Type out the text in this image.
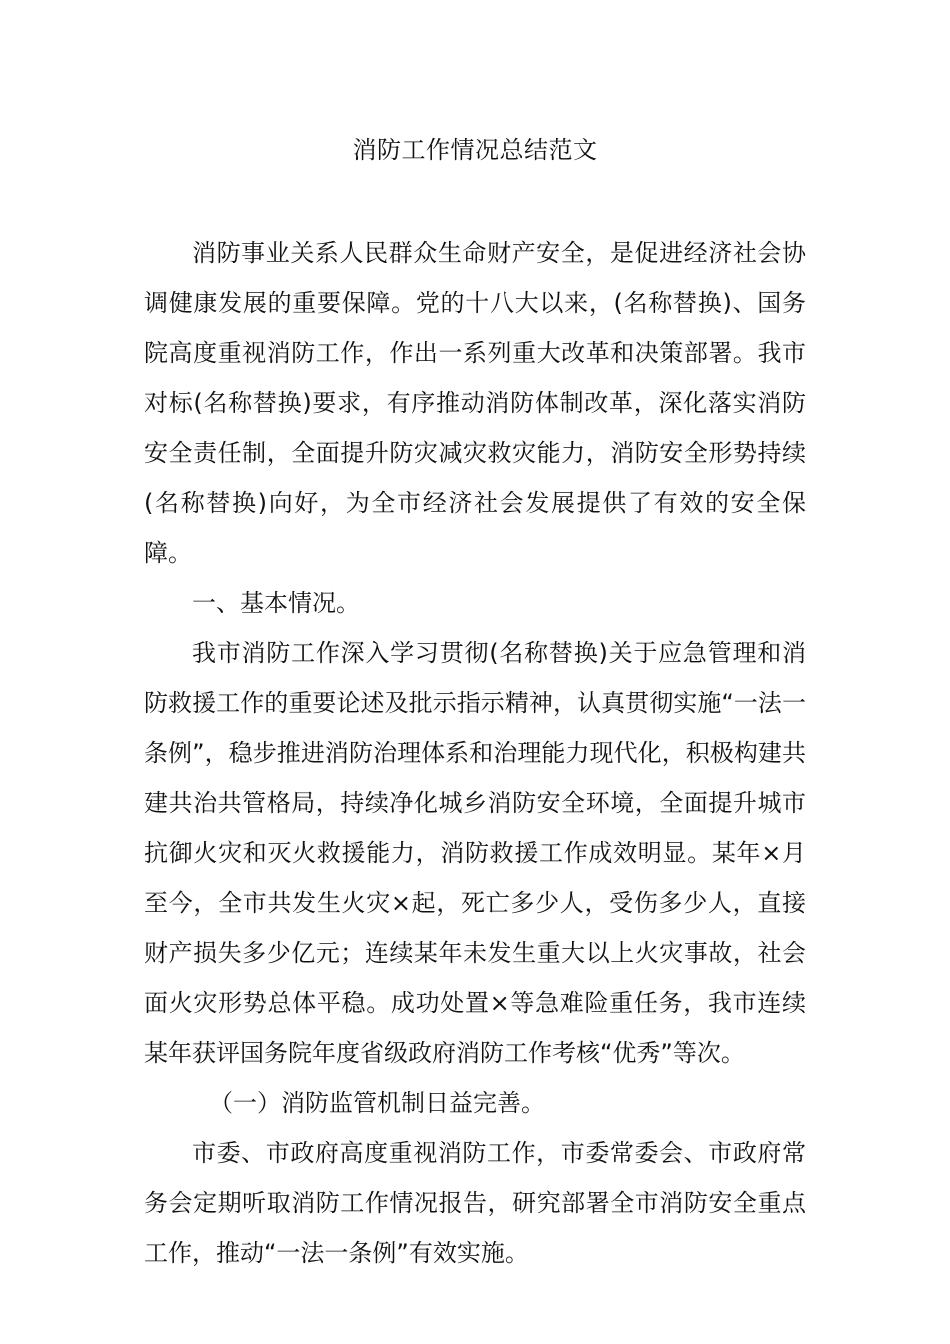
消防工作情况总结范文

消防事业关系人民群众生命财产安全，是促进经济社会协调健康发展的重要保障。党的十八大以来，(名称替换)、国务院高度重视消防工作，作出一系列重大改革和决策部署。我市对标(名称替换)要求，有序推动消防体制改革，深化落实消防安全责任制，全面提升防灾减灾救灾能力，消防安全形势持续(名称替换)向好，为全市经济社会发展提供了有效的安全保障。

一、基本情况。

我市消防工作深入学习贯彻(名称替换)关于应急管理和消防救援工作的重要论述及批示指示精神，认真贯彻实施“一法一条例”，稳步推进消防治理体系和治理能力现代化，积极构建共建共治共管格局，持续净化城乡消防安全环境，全面提升城市抗御火灾和灭火救援能力，消防救援工作成效明显。某年×月至今，全市共发生火灾×起，死亡多少人，受伤多少人，直接财产损失多少亿元；连续某年未发生重大以上火灾事故，社会面火灾形势总体平稳。成功处置×等急难险重任务，我市连续某年获评国务院年度省级政府消防工作考核“优秀”等次。

（一）消防监管机制日益完善。

市委、市政府高度重视消防工作，市委常委会、市政府常务会定期听取消防工作情况报告，研究部署全市消防安全重点工作，推动“一法一条例”有效实施。
